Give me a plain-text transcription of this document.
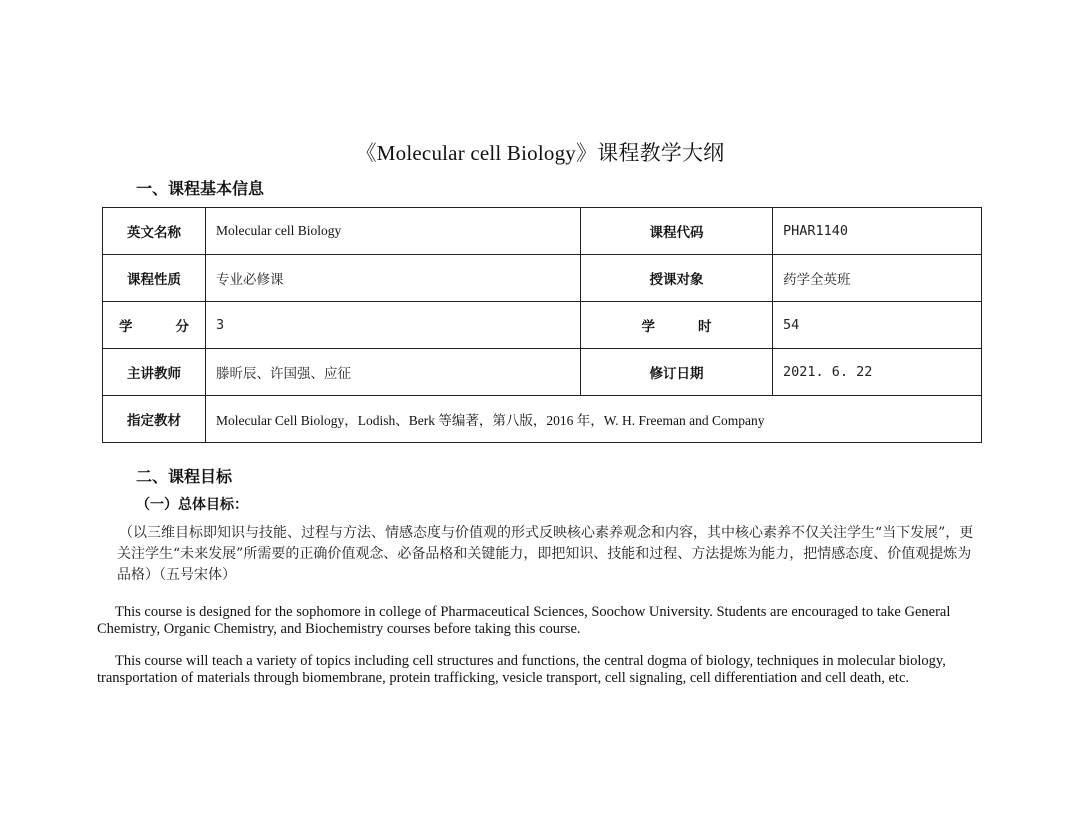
《Molecular cell Biology》课程教学大纲
一、课程基本信息
英文名称	Molecular cell Biology	课程代码	PHAR1140
课程性质	专业必修课	授课对象	药学全英班
学 分	3	学 时	54
主讲教师	滕昕辰、许国强、应征	修订日期	2021. 6. 22
指定教材	Molecular Cell Biology，Lodish、Berk 等编著，第八版，2016 年，W. H. Freeman and Company		
二、课程目标
（一）总体目标：
（以三维目标即知识与技能、过程与方法、情感态度与价值观的形式反映核心素养观念和内容，其中核心素养不仅关注学生“当下发展”，更关注学生“未来发展”所需要的正确价值观念、必备品格和关键能力，即把知识、技能和过程、方法提炼为能力，把情感态度、价值观提炼为品格）（五号宋体）
This course is designed for the sophomore in college of Pharmaceutical Sciences, Soochow University. Students are encouraged to take General Chemistry, Organic Chemistry, and Biochemistry courses before taking this course.
This course will teach a variety of topics including cell structures and functions, the central dogma of biology, techniques in molecular biology, transportation of materials through biomembrane, protein trafficking, vesicle transport, cell signaling, cell differentiation and cell death, etc.
